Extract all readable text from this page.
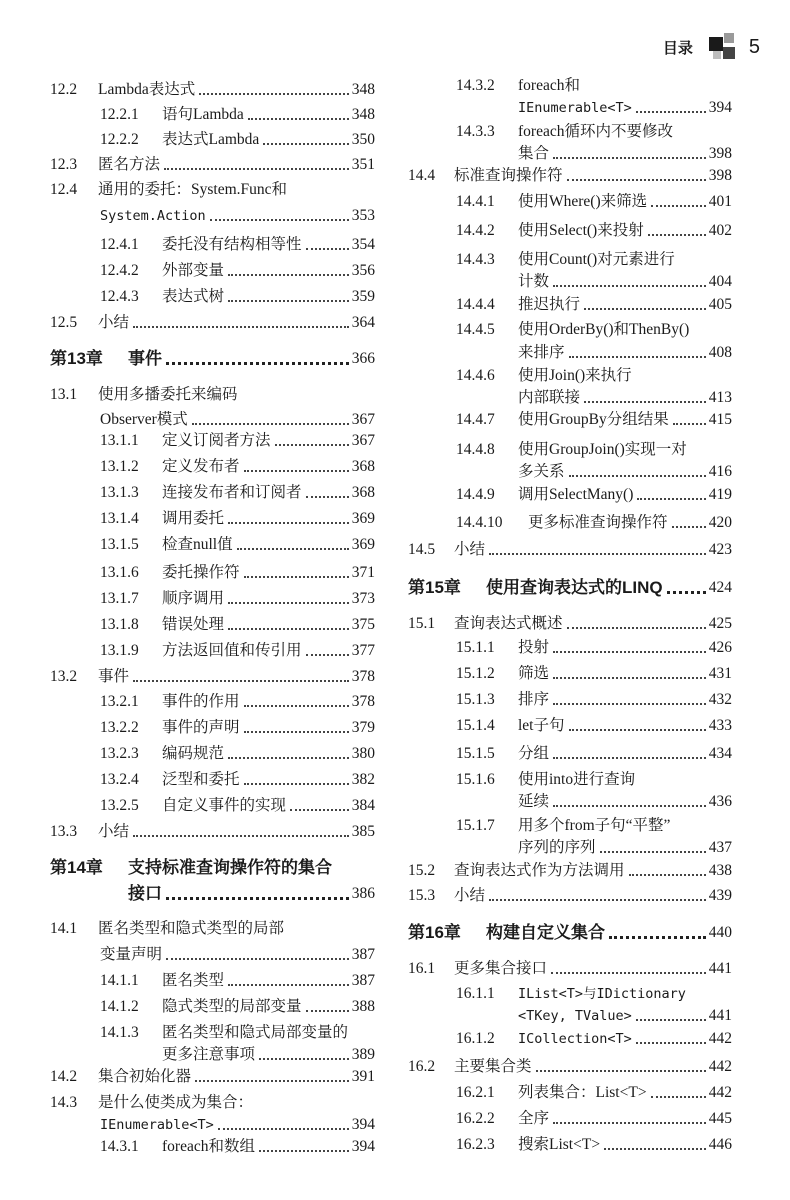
目录	5
12.2	Lambda表达式	348
12.2.1	语句Lambda	348
12.2.2	表达式Lambda	350
12.3	匿名方法	351
12.4 通用的委托：System.Func和
System.Action	353
12.4.1	委托没有结构相等性	354
12.4.2	外部变量	356
12.4.3	表达式树	359
12.5	小结	364
第13章	事件	366
13.1 使用多播委托来编码
Observer模式	367
13.1.1	定义订阅者方法	367
13.1.2	定义发布者	368
13.1.3	连接发布者和订阅者	368
13.1.4	调用委托	369
13.1.5	检查null值	369
13.1.6	委托操作符	371
13.1.7	顺序调用	373
13.1.8	错误处理	375
13.1.9	方法返回值和传引用	377
13.2	事件	378
13.2.1	事件的作用	378
13.2.2	事件的声明	379
13.2.3	编码规范	380
13.2.4	泛型和委托	382
13.2.5	自定义事件的实现	384
13.3	小结	385
第14章 支持标准查询操作符的集合
接口	386
14.1 匿名类型和隐式类型的局部
变量声明	387
14.1.1	匿名类型	387
14.1.2	隐式类型的局部变量	388
14.1.3 匿名类型和隐式局部变量的
更多注意事项	389
14.2	集合初始化器	391
14.3 是什么使类成为集合：
IEnumerable<T>	394
14.3.1	foreach和数组	394
14.3.2 foreach和
IEnumerable<T>	394
14.3.3 foreach循环内不要修改
集合	398
14.4	标准查询操作符	398
14.4.1	使用Where()来筛选	401
14.4.2	使用Select()来投射	402
14.4.3 使用Count()对元素进行
计数	404
14.4.4	推迟执行	405
14.4.5 使用OrderBy()和ThenBy()
来排序	408
14.4.6 使用Join()来执行
内部联接	413
14.4.7	使用GroupBy分组结果	415
14.4.8 使用GroupJoin()实现一对
多关系	416
14.4.9	调用SelectMany()	419
14.4.10	更多标准查询操作符	420
14.5	小结	423
第15章	使用查询表达式的LINQ	424
15.1	查询表达式概述	425
15.1.1	投射	426
15.1.2	筛选	431
15.1.3	排序	432
15.1.4	let子句	433
15.1.5	分组	434
15.1.6 使用into进行查询
延续	436
15.1.7 用多个from子句“平整”
序列的序列	437
15.2	查询表达式作为方法调用	438
15.3	小结	439
第16章	构建自定义集合	440
16.1	更多集合接口	441
16.1.1 IList<T>与IDictionary
<TKey, TValue>	441
16.1.2	ICollection<T>	442
16.2	主要集合类	442
16.2.1	列表集合：List<T>	442
16.2.2	全序	445
16.2.3	搜索List<T>	446
